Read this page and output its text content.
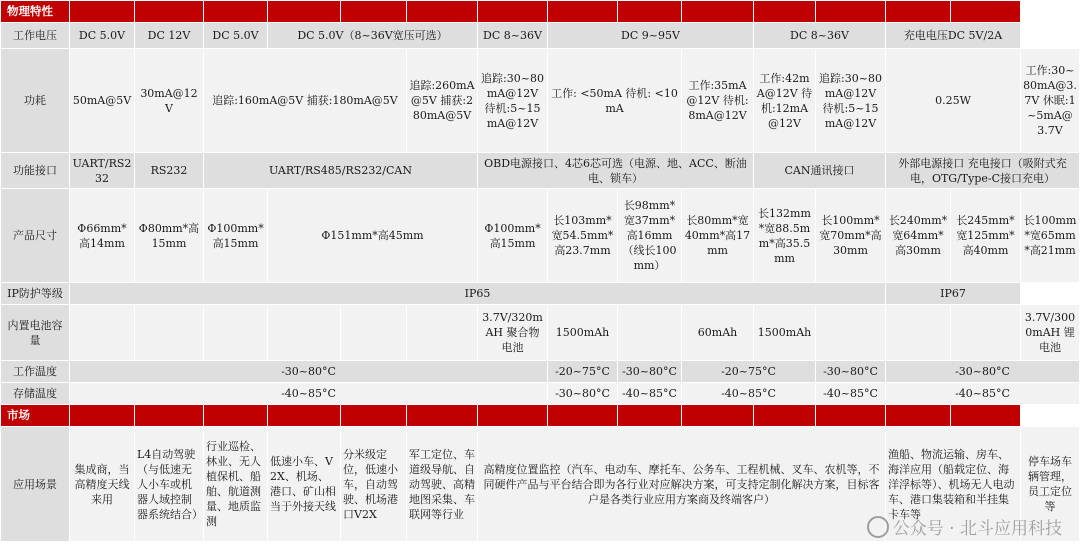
物理特性															
工作电压	DC 5.0V	DC 12V	DC 5.0V	DC 5.0V（8~36V宽压可选）			DC 8~36V	DC 9~95V			DC 8~36V		充电电压DC 5V/2A		
功耗	50mA@5V	30mA@12V	追踪:160mA@5V 捕获:180mA@5V			追踪:260mA@5V 捕获:280mA@5V	追踪:30~80mA@12V 待机:5~15mA@12V	工作: <50mA 待机: <10mA		工作:35mA@12V 待机:8mA@12V	工作:42mA@12V 待机:12mA@12V	追踪:30~80mA@12V 待机:5~15mA@12V	0.25W		工作:30~80mA@3.7V 休眠:1~5mA@3.7V
功能接口	UART/RS232	RS232	UART/RS485/RS232/CAN				OBD电源接口、4芯6芯可选（电源、地、ACC、断油电、锁车）				CAN通讯接口		外部电源接口 充电接口（吸附式充电，OTG/Type-C接口充电）		
产品尺寸	Φ66mm*高14mm	Φ80mm*高15mm	Φ100mm*高15mm	Φ151mm*高45mm			Φ100mm*高15mm	长103mm*宽54.5mm*高23.7mm	长98mm*宽37mm*高16mm（线长100mm）	长80mm*宽40mm*高17mm	长132mm*宽88.5mm*高35.5mm	长100mm*宽70mm*高30mm	长240mm*宽64mm*高30mm	长245mm*宽125mm*高40mm	长100mm*宽65mm*高21mm
IP防护等级	IP65												IP67		
内置电池容量							3.7V/320mAH 聚合物电池	1500mAh		60mAh	1500mAh				3.7V/3000mAH 锂电池
工作温度	-30~80°C							-20~75°C	-30~80°C	-20~75°C		-30~80°C	-30~80°C		
存储温度	-40~85°C							-30~80°C	-40~85°C	-40~85°C		-40~85°C	-40~85°C		
市场															
应用场景	集成商，当高精度天线来用	L4自动驾驶（与低速无人小车或机器人域控制器系统结合）	行业巡检、林业、无人植保机、船舶、航道测量、地质监测	低速小车、V2X、机场、港口、矿山相当于外接天线	分米级定位，低速小车，自动驾驶、机场港口V2X	军工定位、车道级导航、自动驾驶、高精地图采集、车联网等行业	高精度位置监控（汽车、电动车、摩托车、公务车、工程机械、叉车、农机等，不同硬件产品与平台结合即为各行业对应解决方案，可支持定制化解决方案，目标客户是各类行业应用方案商及终端客户）						渔船、物流运输、房车、海洋应用（船载定位、海洋浮标等）、机场无人电动车、港口集装箱和半挂集卡车等		停车场车辆管理，员工定位等
公众号 · 北斗应用科技
